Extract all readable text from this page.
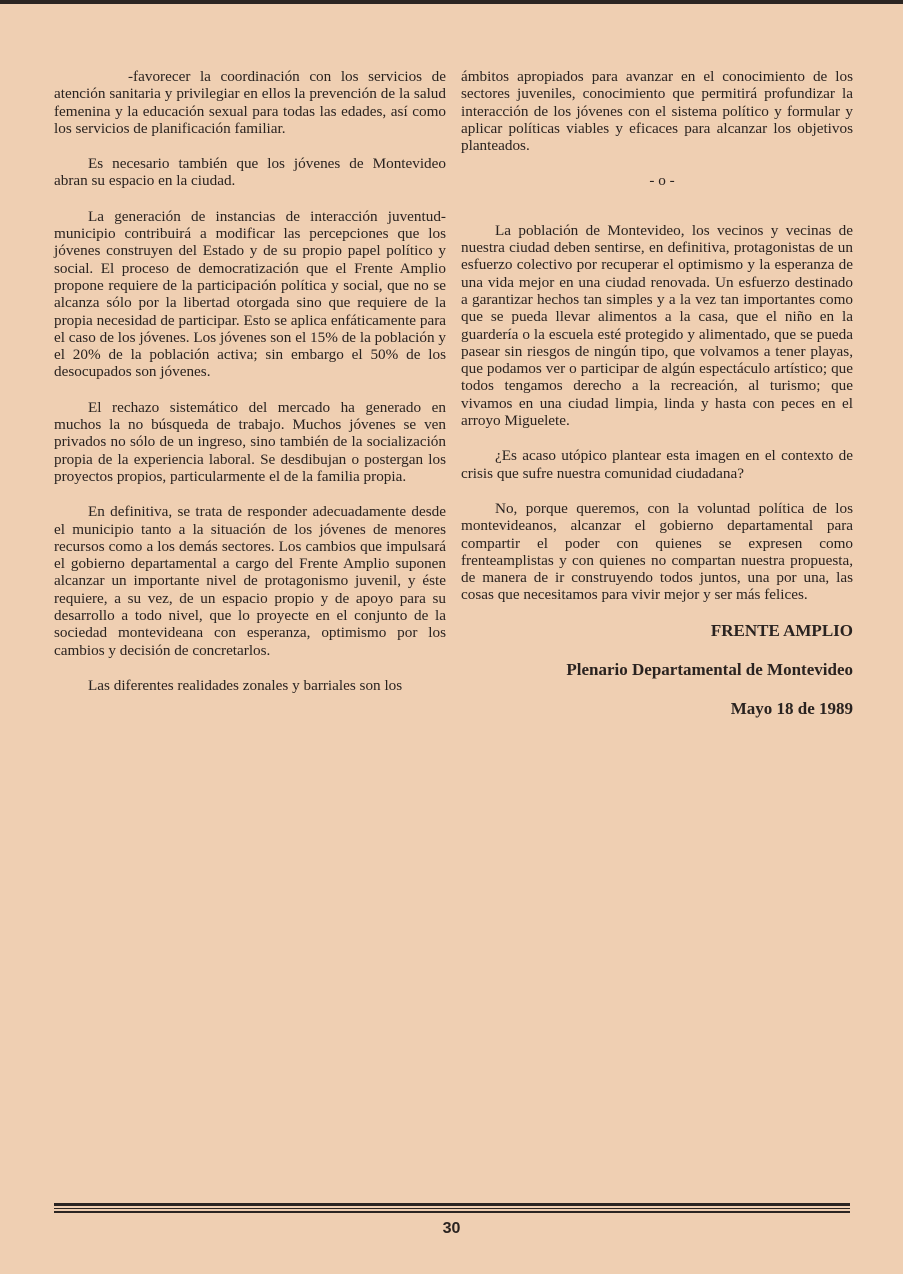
-favorecer la coordinación con los servicios de atención sanitaria y privilegiar en ellos la prevención de la salud femenina y la educación sexual para todas las edades, así como los servicios de planificación familiar.

Es necesario también que los jóvenes de Montevideo abran su espacio en la ciudad.

La generación de instancias de interacción juventud-municipio contribuirá a modificar las percepciones que los jóvenes construyen del Estado y de su propio papel político y social. El proceso de democratización que el Frente Amplio propone requiere de la participación política y social, que no se alcanza sólo por la libertad otorgada sino que requiere de la propia necesidad de participar. Esto se aplica enfáticamente para el caso de los jóvenes. Los jóvenes son el 15% de la población y el 20% de la población activa; sin embargo el 50% de los desocupados son jóvenes.

El rechazo sistemático del mercado ha generado en muchos la no búsqueda de trabajo. Muchos jóvenes se ven privados no sólo de un ingreso, sino también de la socialización propia de la experiencia laboral. Se desdibujan o postergan los proyectos propios, particularmente el de la familia propia.

En definitiva, se trata de responder adecuadamente desde el municipio tanto a la situación de los jóvenes de menores recursos como a los demás sectores. Los cambios que impulsará el gobierno departamental a cargo del Frente Amplio suponen alcanzar un importante nivel de protagonismo juvenil, y éste requiere, a su vez, de un espacio propio y de apoyo para su desarrollo a todo nivel, que lo proyecte en el conjunto de la sociedad montevideana con esperanza, optimismo por los cambios y decisión de concretarlos.

Las diferentes realidades zonales y barriales son los

ámbitos apropiados para avanzar en el conocimiento de los sectores juveniles, conocimiento que permitirá profundizar la interacción de los jóvenes con el sistema político y formular y aplicar políticas viables y eficaces para alcanzar los objetivos planteados.

- o -

La población de Montevideo, los vecinos y vecinas de nuestra ciudad deben sentirse, en definitiva, protagonistas de un esfuerzo colectivo por recuperar el optimismo y la esperanza de una vida mejor en una ciudad renovada. Un esfuerzo destinado a garantizar hechos tan simples y a la vez tan importantes como que se pueda llevar alimentos a la casa, que el niño en la guardería o la escuela esté protegido y alimentado, que se pueda pasear sin riesgos de ningún tipo, que volvamos a tener playas, que podamos ver o participar de algún espectáculo artístico; que todos tengamos derecho a la recreación, al turismo; que vivamos en una ciudad limpia, linda y hasta con peces en el arroyo Miguelete.

¿Es acaso utópico plantear esta imagen en el contexto de crisis que sufre nuestra comunidad ciudadana?

No, porque queremos, con la voluntad política de los montevideanos, alcanzar el gobierno departamental para compartir el poder con quienes se expresen como frenteamplistas y con quienes no compartan nuestra propuesta, de manera de ir construyendo todos juntos, una por una, las cosas que necesitamos para vivir mejor y ser más felices.

FRENTE AMPLIO
Plenario Departamental de Montevideo
Mayo 18 de 1989
30
